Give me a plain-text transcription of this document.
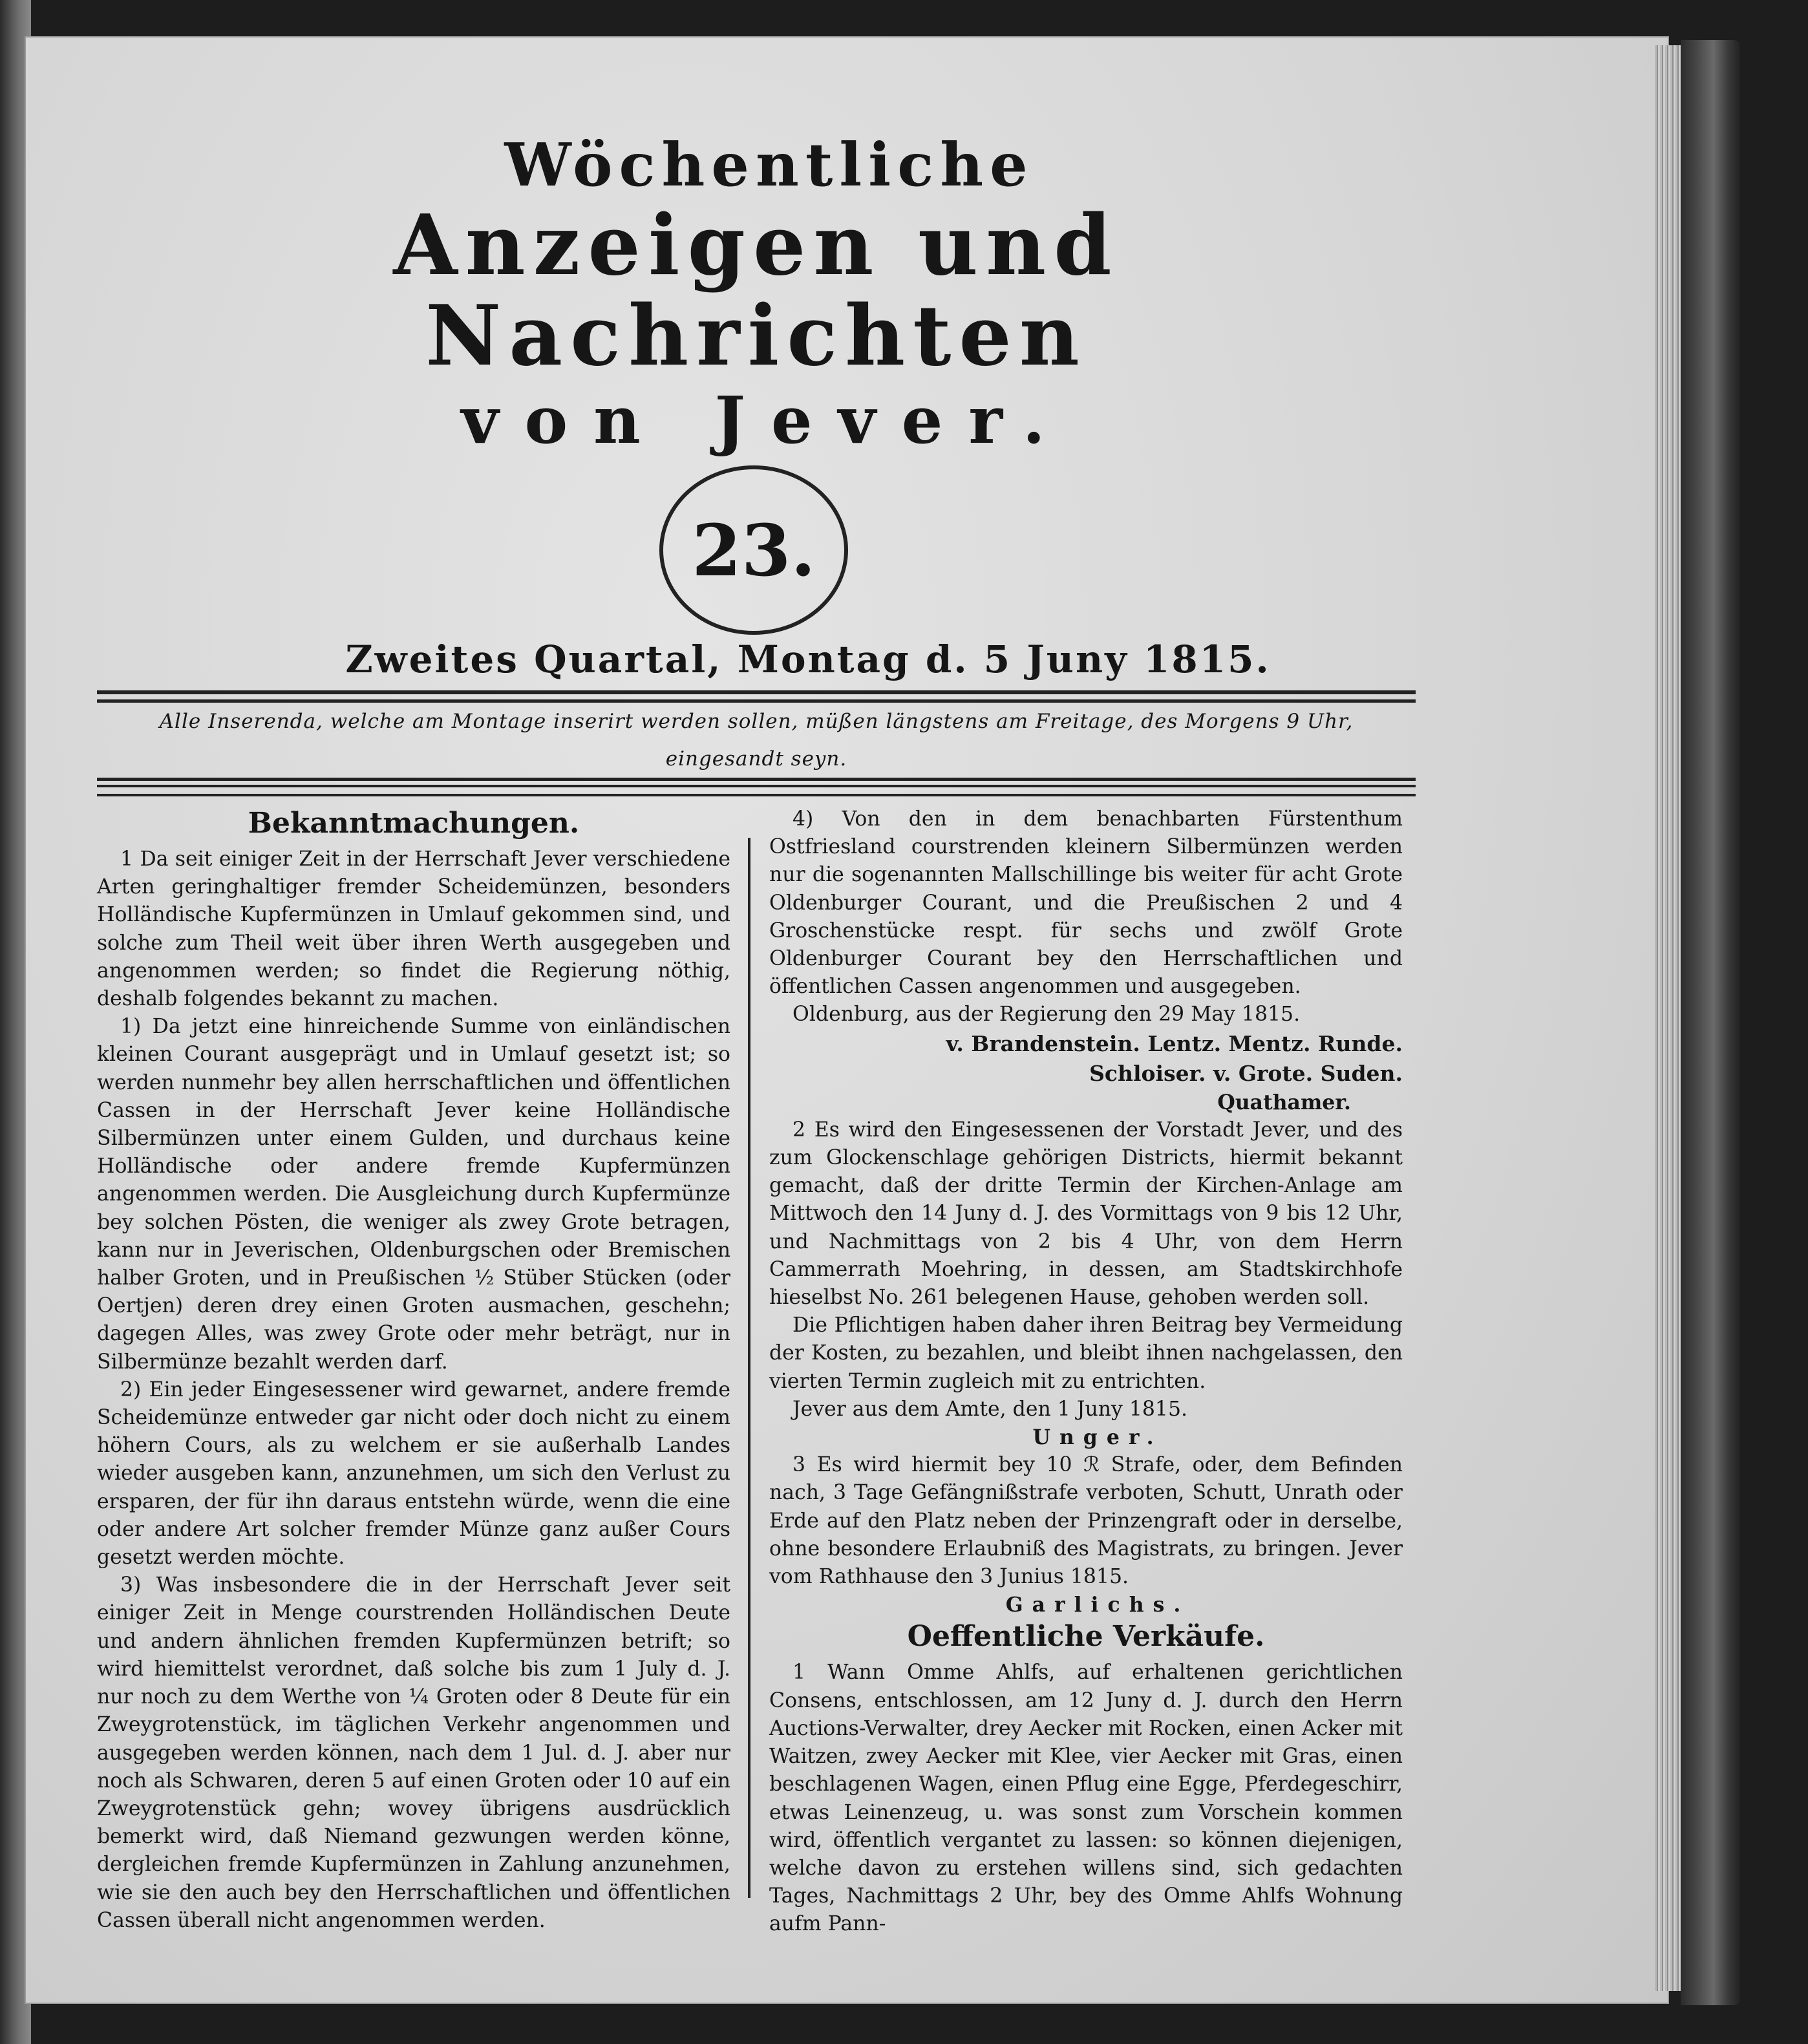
Wöchentliche
Anzeigen und Nachrichten
von Jever.
23.
Zweites Quartal, Montag d. 5 Juny 1815.
Alle Inserenda, welche am Montage inserirt werden sollen, müßen längstens am Freitage, des Morgens 9 Uhr, eingesandt seyn.
Bekanntmachungen.

1 Da seit einiger Zeit in der Herrschaft Jever verschiedene Arten geringhaltiger fremder Scheidemünzen, besonders Holländische Kupfermünzen in Umlauf gekommen sind, und solche zum Theil weit über ihren Werth ausgegeben und angenommen werden; so findet die Regierung nöthig, deshalb folgendes bekannt zu machen.

1) Da jetzt eine hinreichende Summe von einländischen kleinen Courant ausgeprägt und in Umlauf gesetzt ist; so werden nunmehr bey allen herrschaftlichen und öffentlichen Cassen in der Herrschaft Jever keine Holländische Silbermünzen unter einem Gulden, und durchaus keine Holländische oder andere fremde Kupfermünzen angenommen werden. Die Ausgleichung durch Kupfermünze bey solchen Pösten, die weniger als zwey Grote betragen, kann nur in Jeverischen, Oldenburgschen oder Bremischen halber Groten, und in Preußischen ½ Stüber Stücken (oder Oertjen) deren drey einen Groten ausmachen, geschehn; dagegen Alles, was zwey Grote oder mehr beträgt, nur in Silbermünze bezahlt werden darf.

2) Ein jeder Eingesessener wird gewarnet, andere fremde Scheidemünze entweder gar nicht oder doch nicht zu einem höhern Cours, als zu welchem er sie außerhalb Landes wieder ausgeben kann, anzunehmen, um sich den Verlust zu ersparen, der für ihn daraus entstehn würde, wenn die eine oder andere Art solcher fremder Münze ganz außer Cours gesetzt werden möchte.

3) Was insbesondere die in der Herrschaft Jever seit einiger Zeit in Menge courstrenden Holländischen Deute und andern ähnlichen fremden Kupfermünzen betrift; so wird hiemittelst verordnet, daß solche bis zum 1 July d. J. nur noch zu dem Werthe von ¼ Groten oder 8 Deute für ein Zweygrotenstück, im täglichen Verkehr angenommen und ausgegeben werden können, nach dem 1 Jul. d. J. aber nur noch als Schwaren, deren 5 auf einen Groten oder 10 auf ein Zweygrotenstück gehn; wovey übrigens ausdrücklich bemerkt wird, daß Niemand gezwungen werden könne, dergleichen fremde Kupfermünzen in Zahlung anzunehmen, wie sie den auch bey den Herrschaftlichen und öffentlichen Cassen überall nicht angenommen werden.

4) Von den in dem benachbarten Fürstenthum Ostfriesland courstrenden kleinern Silbermünzen werden nur die sogenannten Mallschillinge bis weiter für acht Grote Oldenburger Courant, und die Preußischen 2 und 4 Groschenstücke respt. für sechs und zwölf Grote Oldenburger Courant bey den Herrschaftlichen und öffentlichen Cassen angenommen und ausgegeben.

Oldenburg, aus der Regierung den 29 May 1815.

v. Brandenstein. Lentz. Mentz. Runde.

Schloiser. v. Grote. Suden.

Quathamer.

2 Es wird den Eingesessenen der Vorstadt Jever, und des zum Glockenschlage gehörigen Districts, hiermit bekannt gemacht, daß der dritte Termin der Kirchen-Anlage am Mittwoch den 14 Juny d. J. des Vormittags von 9 bis 12 Uhr, und Nachmittags von 2 bis 4 Uhr, von dem Herrn Cammerrath Moehring, in dessen, am Stadtskirchhofe hieselbst No. 261 belegenen Hause, gehoben werden soll.

Die Pflichtigen haben daher ihren Beitrag bey Vermeidung der Kosten, zu bezahlen, und bleibt ihnen nachgelassen, den vierten Termin zugleich mit zu entrichten.

Jever aus dem Amte, den 1 Juny 1815.

Unger.

3 Es wird hiermit bey 10 ℛ Strafe, oder, dem Befinden nach, 3 Tage Gefängnißstrafe verboten, Schutt, Unrath oder Erde auf den Platz neben der Prinzengraft oder in derselbe, ohne besondere Erlaubniß des Magistrats, zu bringen. Jever vom Rathhause den 3 Junius 1815.

Garlichs.

Oeffentliche Verkäufe.

1 Wann Omme Ahlfs, auf erhaltenen gerichtlichen Consens, entschlossen, am 12 Juny d. J. durch den Herrn Auctions-Verwalter, drey Aecker mit Rocken, einen Acker mit Waitzen, zwey Aecker mit Klee, vier Aecker mit Gras, einen beschlagenen Wagen, einen Pflug eine Egge, Pferdegeschirr, etwas Leinenzeug, u. was sonst zum Vorschein kommen wird, öffentlich vergantet zu lassen: so können diejenigen, welche davon zu erstehen willens sind, sich gedachten Tages, Nachmittags 2 Uhr, bey des Omme Ahlfs Wohnung aufm Pann-
